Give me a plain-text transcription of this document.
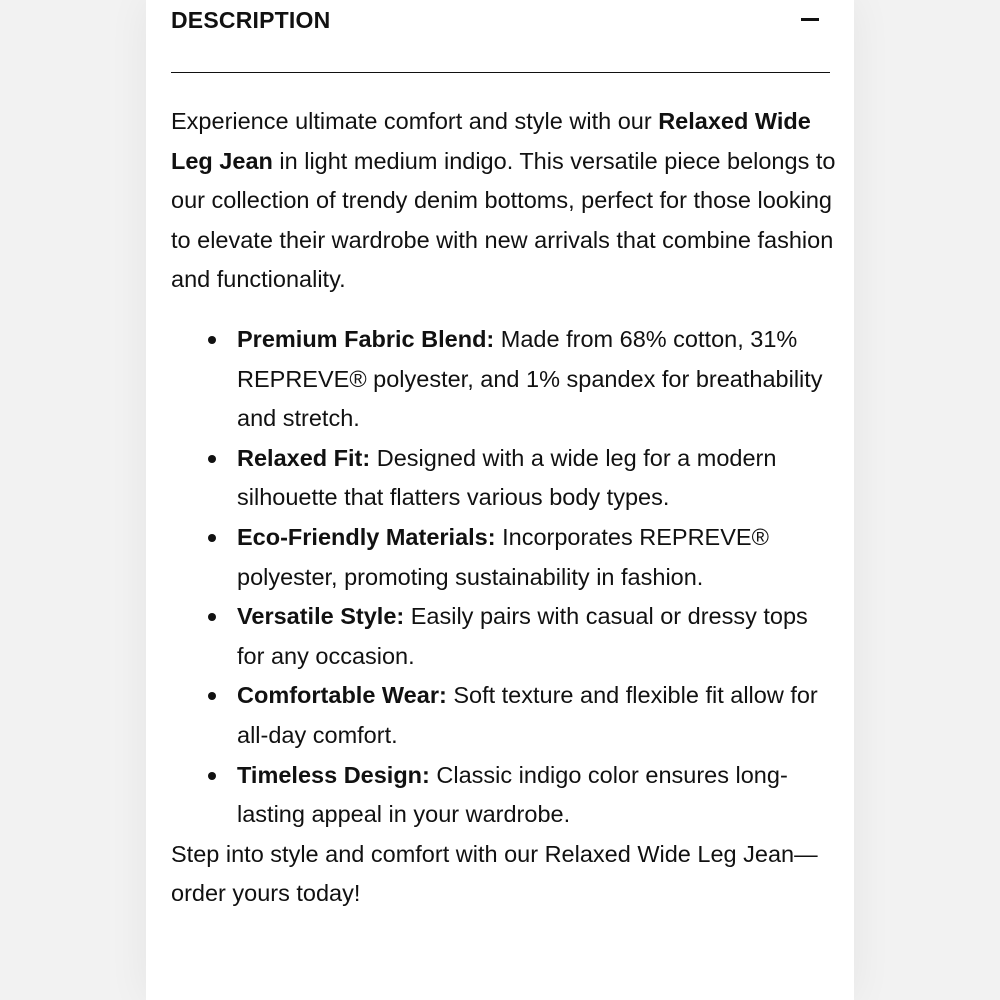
DESCRIPTION

Experience ultimate comfort and style with our Relaxed Wide Leg Jean in light medium indigo. This versatile piece belongs to our collection of trendy denim bottoms, perfect for those looking to elevate their wardrobe with new arrivals that combine fashion and functionality.

Premium Fabric Blend: Made from 68% cotton, 31% REPREVE® polyester, and 1% spandex for breathability and stretch.
Relaxed Fit: Designed with a wide leg for a modern silhouette that flatters various body types.
Eco-Friendly Materials: Incorporates REPREVE® polyester, promoting sustainability in fashion.
Versatile Style: Easily pairs with casual or dressy tops for any occasion.
Comfortable Wear: Soft texture and flexible fit allow for all-day comfort.
Timeless Design: Classic indigo color ensures long-lasting appeal in your wardrobe.

Step into style and comfort with our Relaxed Wide Leg Jean—order yours today!
